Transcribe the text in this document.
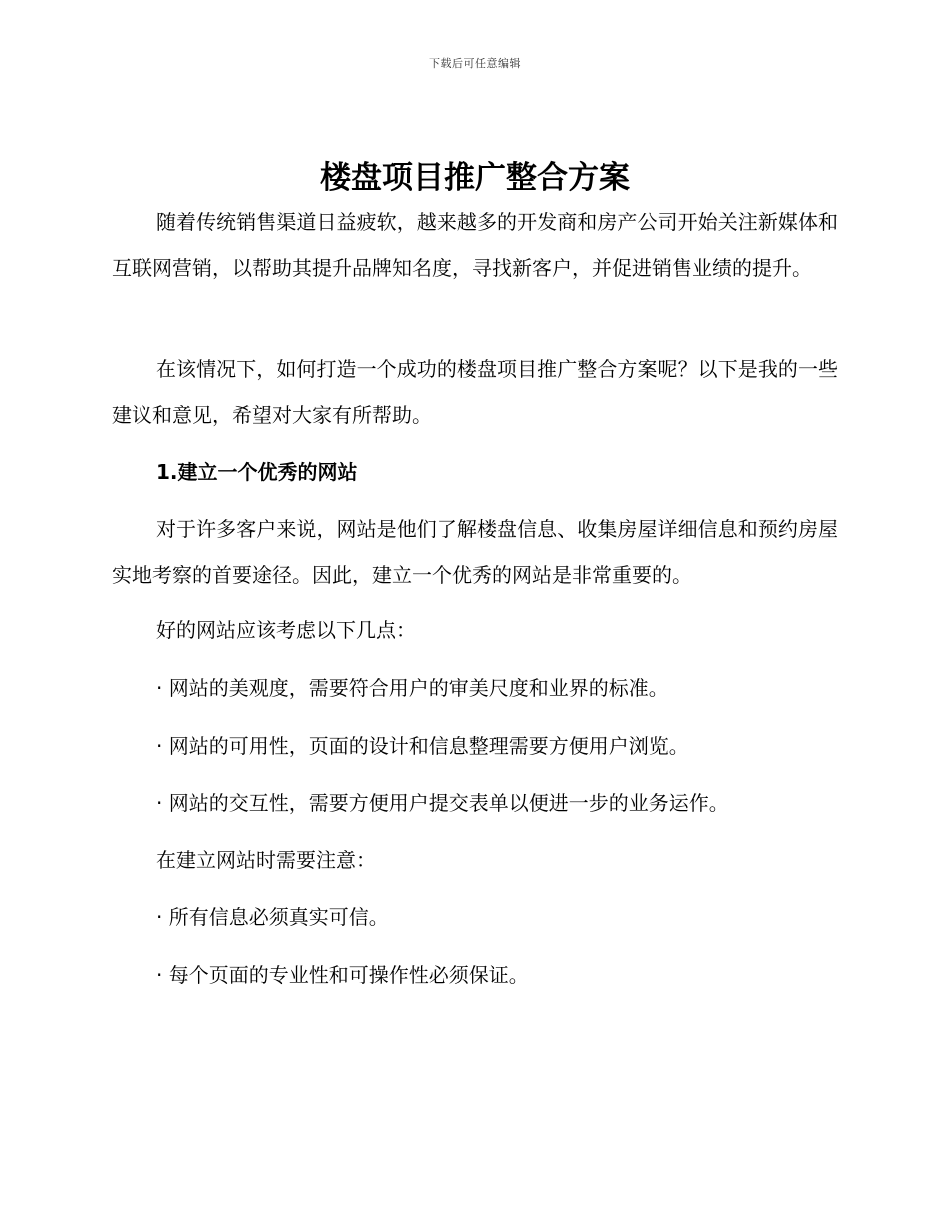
下载后可任意编辑
楼盘项目推广整合方案

随着传统销售渠道日益疲软，越来越多的开发商和房产公司开始关注新媒体和互联网营销，以帮助其提升品牌知名度，寻找新客户，并促进销售业绩的提升。

在该情况下，如何打造一个成功的楼盘项目推广整合方案呢？以下是我的一些建议和意见，希望对大家有所帮助。

1.建立一个优秀的网站

对于许多客户来说，网站是他们了解楼盘信息、收集房屋详细信息和预约房屋实地考察的首要途径。因此，建立一个优秀的网站是非常重要的。

好的网站应该考虑以下几点：

· 网站的美观度，需要符合用户的审美尺度和业界的标准。

· 网站的可用性，页面的设计和信息整理需要方便用户浏览。

· 网站的交互性，需要方便用户提交表单以便进一步的业务运作。

在建立网站时需要注意：

· 所有信息必须真实可信。

· 每个页面的专业性和可操作性必须保证。
